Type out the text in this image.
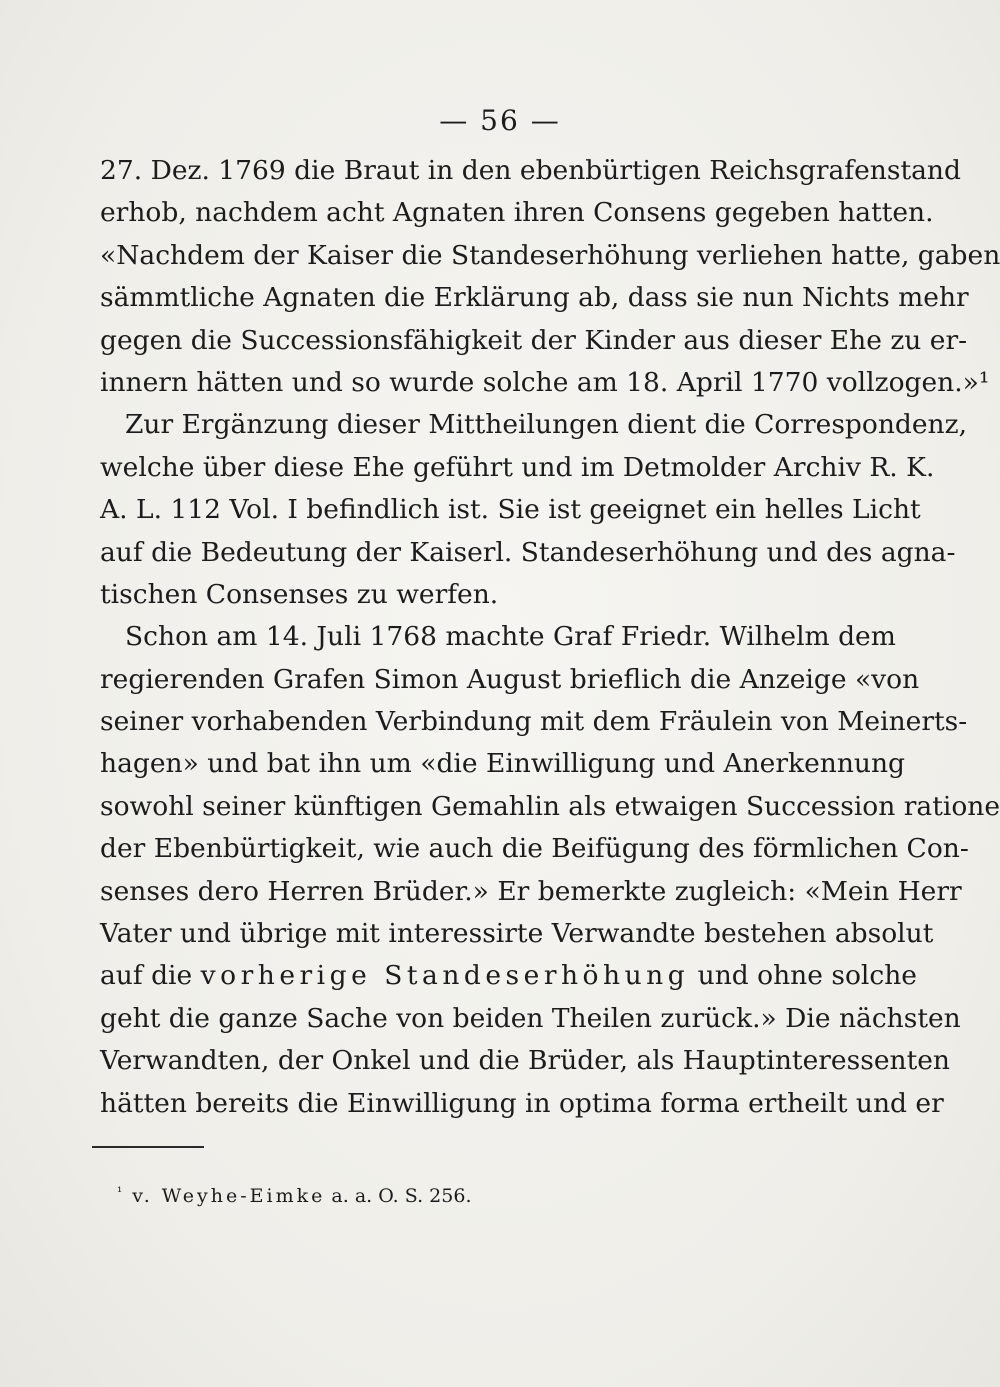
— 56 —
27. Dez. 1769 die Braut in den ebenbürtigen Reichsgrafenstand
erhob, nachdem acht Agnaten ihren Consens gegeben hatten.
«Nachdem der Kaiser die Standeserhöhung verliehen hatte, gaben
sämmtliche Agnaten die Erklärung ab, dass sie nun Nichts mehr
gegen die Successionsfähigkeit der Kinder aus dieser Ehe zu er-
innern hätten und so wurde solche am 18. April 1770 vollzogen.»¹
Zur Ergänzung dieser Mittheilungen dient die Correspondenz,
welche über diese Ehe geführt und im Detmolder Archiv R. K.
A. L. 112 Vol. I befindlich ist. Sie ist geeignet ein helles Licht
auf die Bedeutung der Kaiserl. Standeserhöhung und des agna-
tischen Consenses zu werfen.
Schon am 14. Juli 1768 machte Graf Friedr. Wilhelm dem
regierenden Grafen Simon August brieflich die Anzeige «von
seiner vorhabenden Verbindung mit dem Fräulein von Meinerts-
hagen» und bat ihn um «die Einwilligung und Anerkennung
sowohl seiner künftigen Gemahlin als etwaigen Succession ratione
der Ebenbürtigkeit, wie auch die Beifügung des förmlichen Con-
senses dero Herren Brüder.» Er bemerkte zugleich: «Mein Herr
Vater und übrige mit interessirte Verwandte bestehen absolut
auf die vorherige Standeserhöhung und ohne solche
geht die ganze Sache von beiden Theilen zurück.» Die nächsten
Verwandten, der Onkel und die Brüder, als Hauptinteressenten
hätten bereits die Einwilligung in optima forma ertheilt und er
$^{^1}$ v. Weyhe-Eimke a. a. O. S. 256.
